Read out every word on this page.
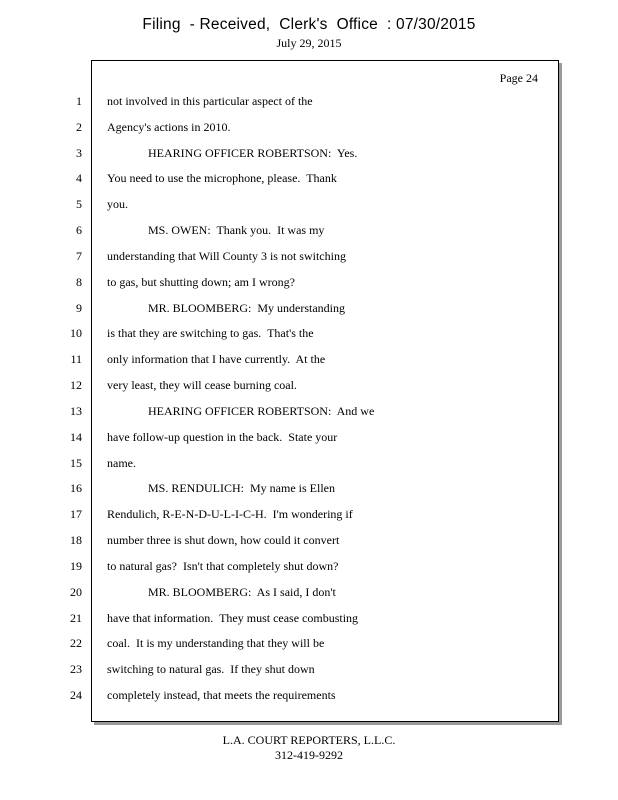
Filing  - Received,  Clerk's  Office  : 07/30/2015
July 29, 2015
Page 24
1 not involved in this particular aspect of the
2 Agency's actions in 2010.
3	HEARING OFFICER ROBERTSON:  Yes.
4 You need to use the microphone, please.  Thank
5 you.
6	MS. OWEN:  Thank you.  It was my
7 understanding that Will County 3 is not switching
8 to gas, but shutting down; am I wrong?
9	MR. BLOOMBERG:  My understanding
10 is that they are switching to gas.  That's the
11 only information that I have currently.  At the
12 very least, they will cease burning coal.
13	HEARING OFFICER ROBERTSON:  And we
14 have follow-up question in the back.  State your
15 name.
16	MS. RENDULICH:  My name is Ellen
17 Rendulich, R-E-N-D-U-L-I-C-H.  I'm wondering if
18 number three is shut down, how could it convert
19 to natural gas?  Isn't that completely shut down?
20	MR. BLOOMBERG:  As I said, I don't
21 have that information.  They must cease combusting
22 coal.  It is my understanding that they will be
23 switching to natural gas.  If they shut down
24 completely instead, that meets the requirements
L.A. COURT REPORTERS, L.L.C.
312-419-9292
